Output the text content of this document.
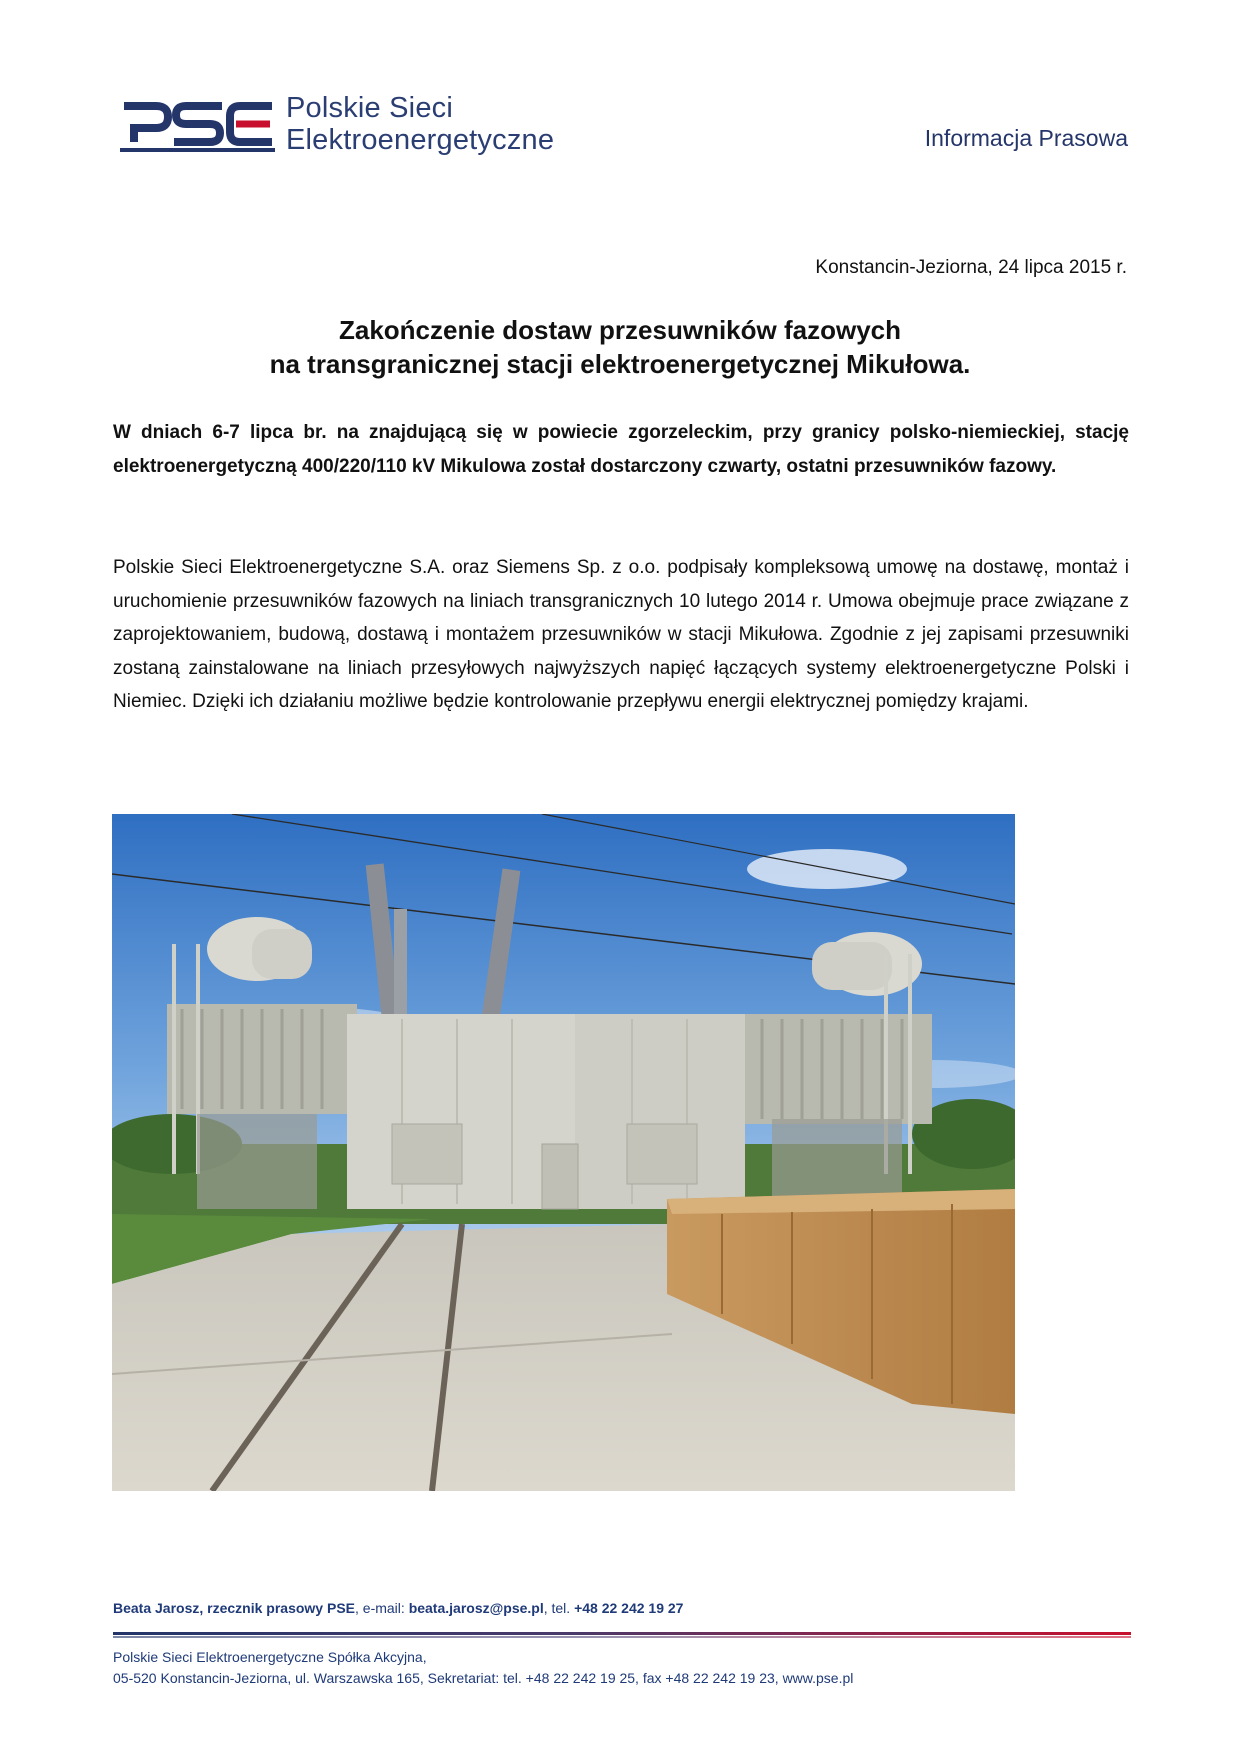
Polskie Sieci
Elektroenergetyczne	Informacja Prasowa
Konstancin-Jeziorna, 24 lipca 2015 r.
Zakończenie dostaw przesuwników fazowych
na transgranicznej stacji elektroenergetycznej Mikułowa.
W dniach 6-7 lipca br. na znajdującą się w powiecie zgorzeleckim, przy granicy polsko-niemieckiej, stację elektroenergetyczną 400/220/110 kV Mikulowa został dostarczony czwarty, ostatni przesuwników fazowy.
Polskie Sieci Elektroenergetyczne S.A. oraz Siemens Sp. z o.o. podpisały kompleksową umowę na dostawę, montaż i uruchomienie przesuwników fazowych na liniach transgranicznych 10 lutego 2014 r. Umowa obejmuje prace związane z zaprojektowaniem, budową, dostawą i montażem przesuwników w stacji Mikułowa. Zgodnie z jej zapisami przesuwniki zostaną zainstalowane na liniach przesyłowych najwyższych napięć łączących systemy elektroenergetyczne Polski i Niemiec. Dzięki ich działaniu możliwe będzie kontrolowanie przepływu energii elektrycznej pomiędzy krajami.
Beata Jarosz, rzecznik prasowy PSE, e-mail: beata.jarosz@pse.pl, tel. +48 22 242 19 27
Polskie Sieci Elektroenergetyczne Spółka Akcyjna,
05-520 Konstancin-Jeziorna, ul. Warszawska 165, Sekretariat: tel. +48 22 242 19 25, fax +48 22 242 19 23, www.pse.pl
